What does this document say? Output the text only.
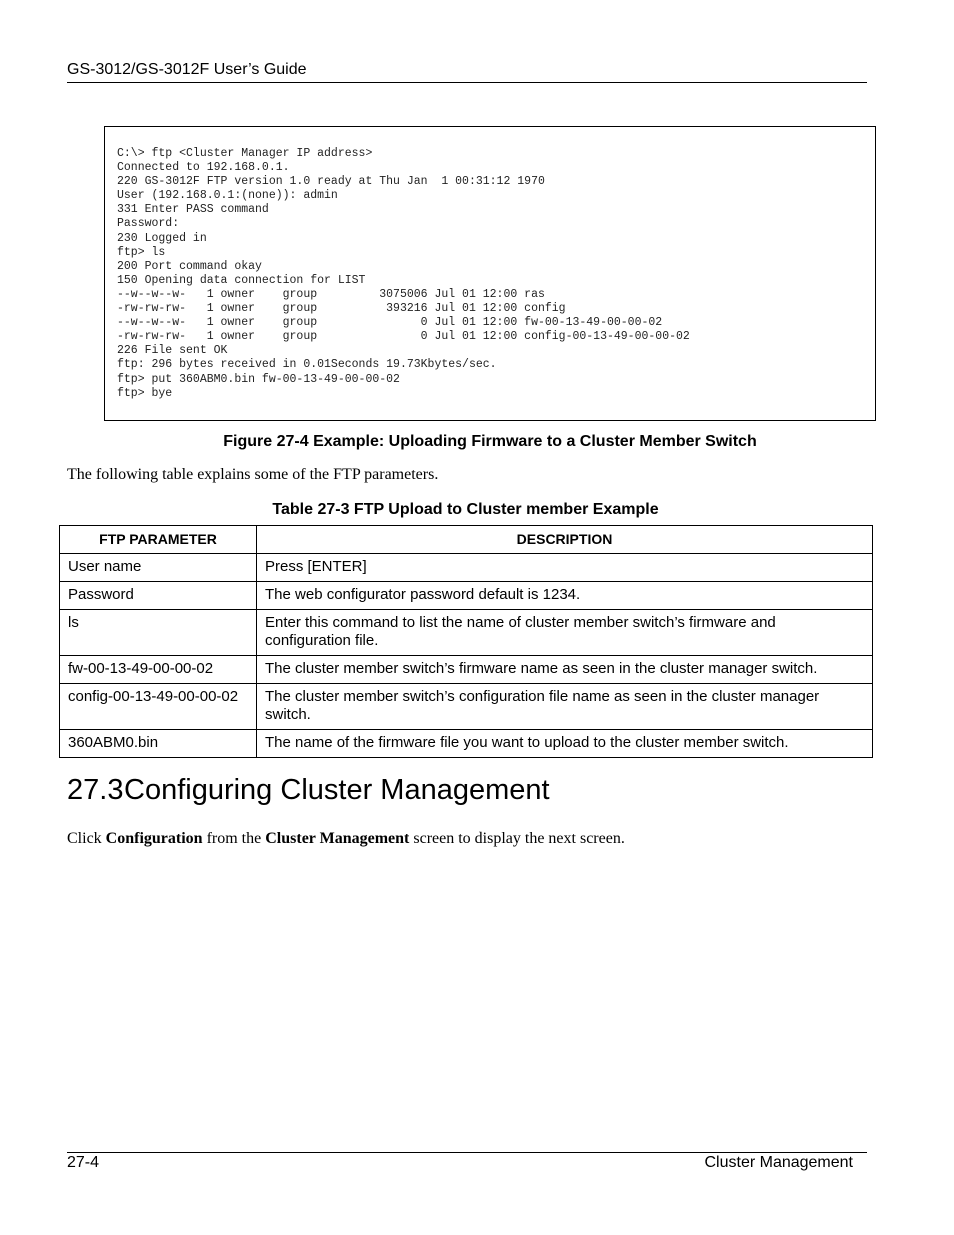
GS-3012/GS-3012F User’s Guide
C:\> ftp <Cluster Manager IP address>
Connected to 192.168.0.1.
220 GS-3012F FTP version 1.0 ready at Thu Jan  1 00:31:12 1970
User (192.168.0.1:(none)): admin
331 Enter PASS command
Password:
230 Logged in
ftp> ls
200 Port command okay
150 Opening data connection for LIST
--w--w--w-   1 owner    group         3075006 Jul 01 12:00 ras
-rw-rw-rw-   1 owner    group          393216 Jul 01 12:00 config
--w--w--w-   1 owner    group               0 Jul 01 12:00 fw-00-13-49-00-00-02
-rw-rw-rw-   1 owner    group               0 Jul 01 12:00 config-00-13-49-00-00-02
226 File sent OK
ftp: 296 bytes received in 0.01Seconds 19.73Kbytes/sec.
ftp> put 360ABM0.bin fw-00-13-49-00-00-02
ftp> bye
Figure 27-4 Example: Uploading Firmware to a Cluster Member Switch
The following table explains some of the FTP parameters.
Table 27-3 FTP Upload to Cluster member Example
FTP PARAMETER	DESCRIPTION
User name	Press [ENTER]
Password	The web configurator password default is 1234.
ls	Enter this command to list the name of cluster member switch’s firmware and configuration file.
fw-00-13-49-00-00-02	The cluster member switch’s firmware name as seen in the cluster manager switch.
config-00-13-49-00-00-02	The cluster member switch’s configuration file name as seen in the cluster manager switch.
360ABM0.bin	The name of the firmware file you want to upload to the cluster member switch.
27.3Configuring Cluster Management
Click Configuration from the Cluster Management screen to display the next screen.
27-4	Cluster Management
